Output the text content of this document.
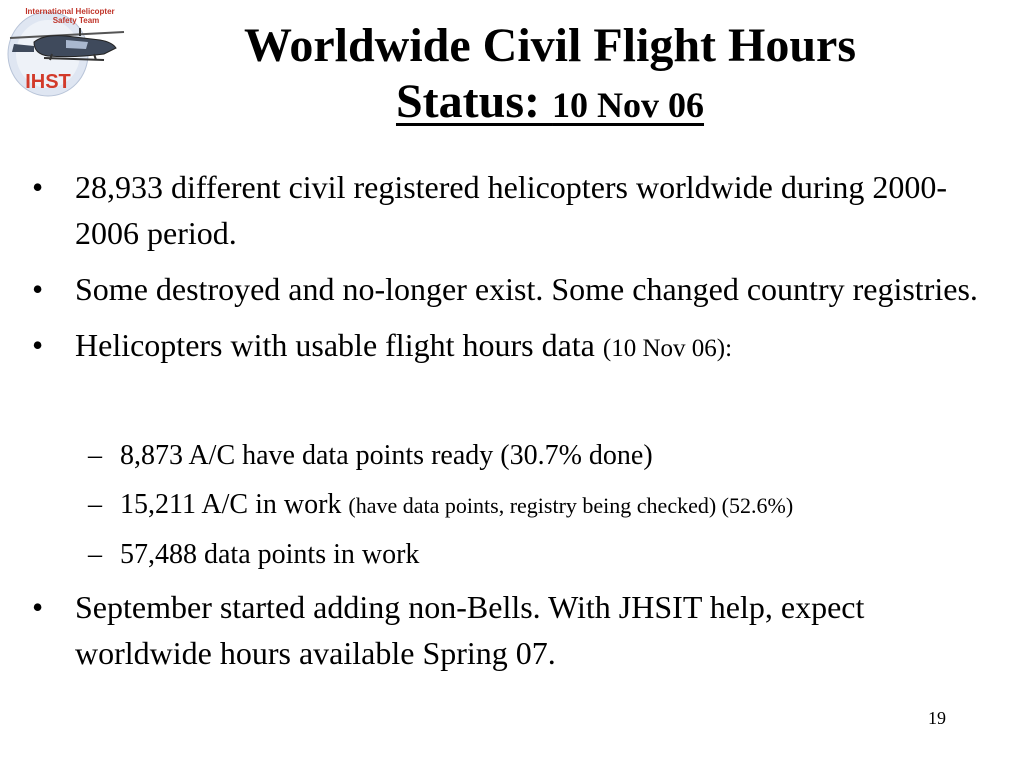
International Helicopter
Safety Team
IHST
Worldwide Civil Flight Hours
Status: 10 Nov 06
• 28,933 different civil registered helicopters worldwide during 2000-2006 period.
• Some destroyed and no-longer exist. Some changed country registries.
• Helicopters with usable flight hours data (10 Nov 06):
– 8,873 A/C have data points ready (30.7% done)
– 15,211 A/C in work (have data points, registry being checked) (52.6%)
– 57,488 data points in work
• September started adding non-Bells. With JHSIT help, expect worldwide hours available Spring 07.
19
